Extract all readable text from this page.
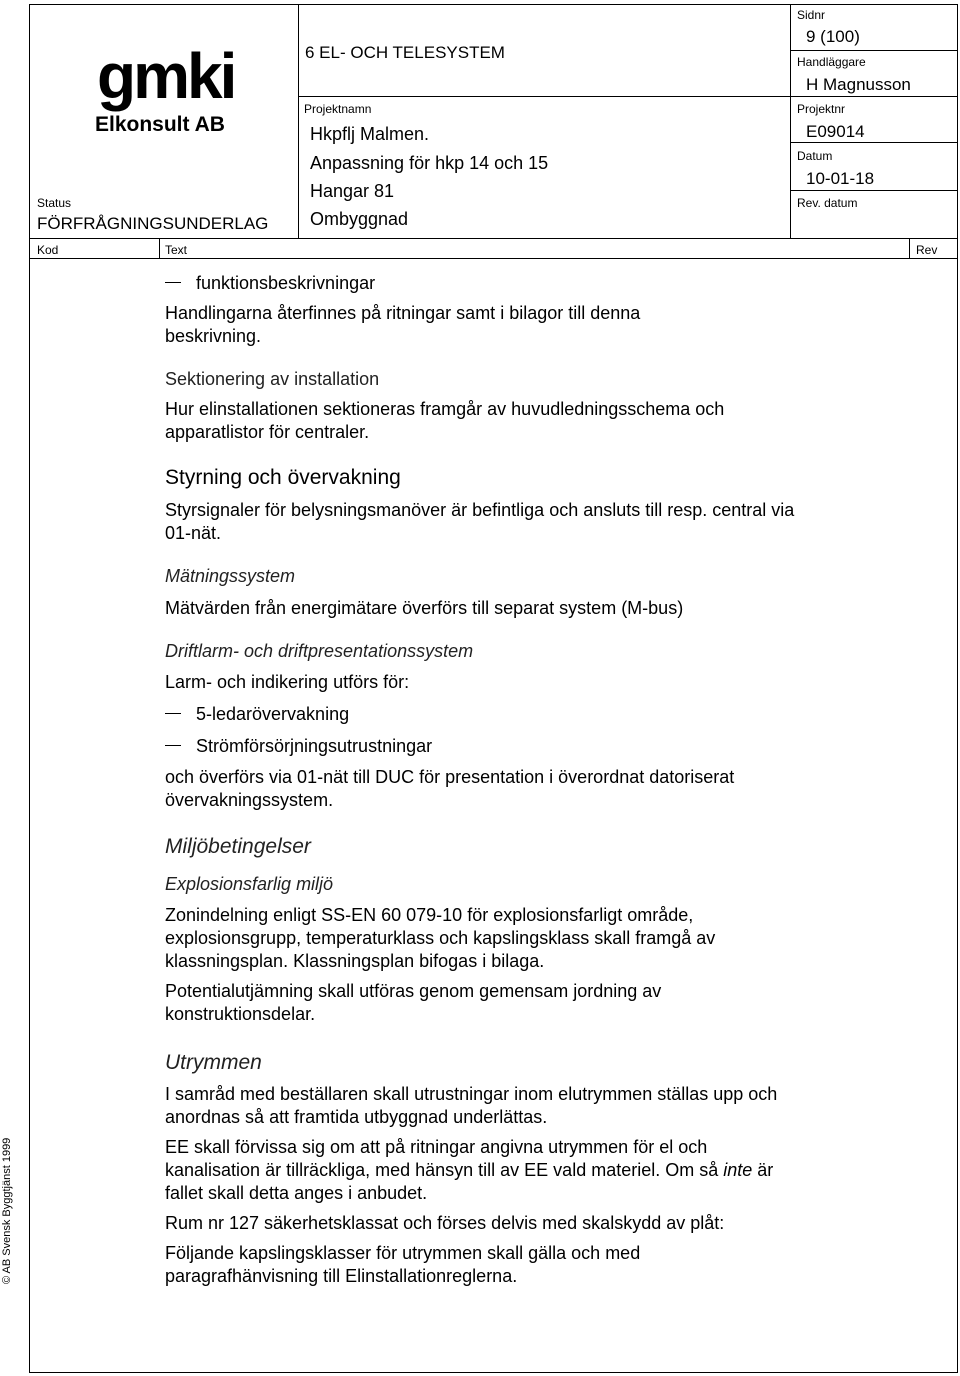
gmki
Elkonsult AB
Status
FÖRFRÅGNINGSUNDERLAG
6 EL- OCH TELESYSTEM
Projektnamn
Hkpflj Malmen.
Anpassning för hkp 14 och 15
Hangar 81
Ombyggnad
Sidnr
9 (100)
Handläggare
H Magnusson
Projektnr
E09014
Datum
10-01-18
Rev. datum
Kod	Text	Rev

funktionsbeskrivningar

Handlingarna återfinnes på ritningar samt i bilagor till denna beskrivning.

Sektionering av installation

Hur elinstallationen sektioneras framgår av huvudledningsschema och apparatlistor för centraler.

Styrning och övervakning

Styrsignaler för belysningsmanöver är befintliga och ansluts till resp. central via 01-nät.

Mätningssystem

Mätvärden från energimätare överförs till separat system (M-bus)

Driftlarm- och driftpresentationssystem

Larm- och indikering utförs för:

5-ledarövervakning

Strömförsörjningsutrustningar

och överförs via 01-nät till DUC för presentation i överordnat datoriserat övervakningssystem.

Miljöbetingelser

Explosionsfarlig miljö

Zonindelning enligt SS-EN 60 079-10 för explosionsfarligt område, explosionsgrupp, temperaturklass och kapslingsklass skall framgå av klassningsplan. Klassningsplan bifogas i bilaga.

Potentialutjämning skall utföras genom gemensam jordning av konstruktionsdelar.

Utrymmen

I samråd med beställaren skall utrustningar inom elutrymmen ställas upp och anordnas så att framtida utbyggnad underlättas.

EE skall förvissa sig om att på ritningar angivna utrymmen för el och kanalisation är tillräckliga, med hänsyn till av EE vald materiel. Om så inte är fallet skall detta anges i anbudet.

Rum nr 127 säkerhetsklassat och förses delvis med skalskydd av plåt:

Följande kapslingsklasser för utrymmen skall gälla och med paragrafhänvisning till Elinstallationreglerna.

© AB Svensk Byggtjänst 1999
